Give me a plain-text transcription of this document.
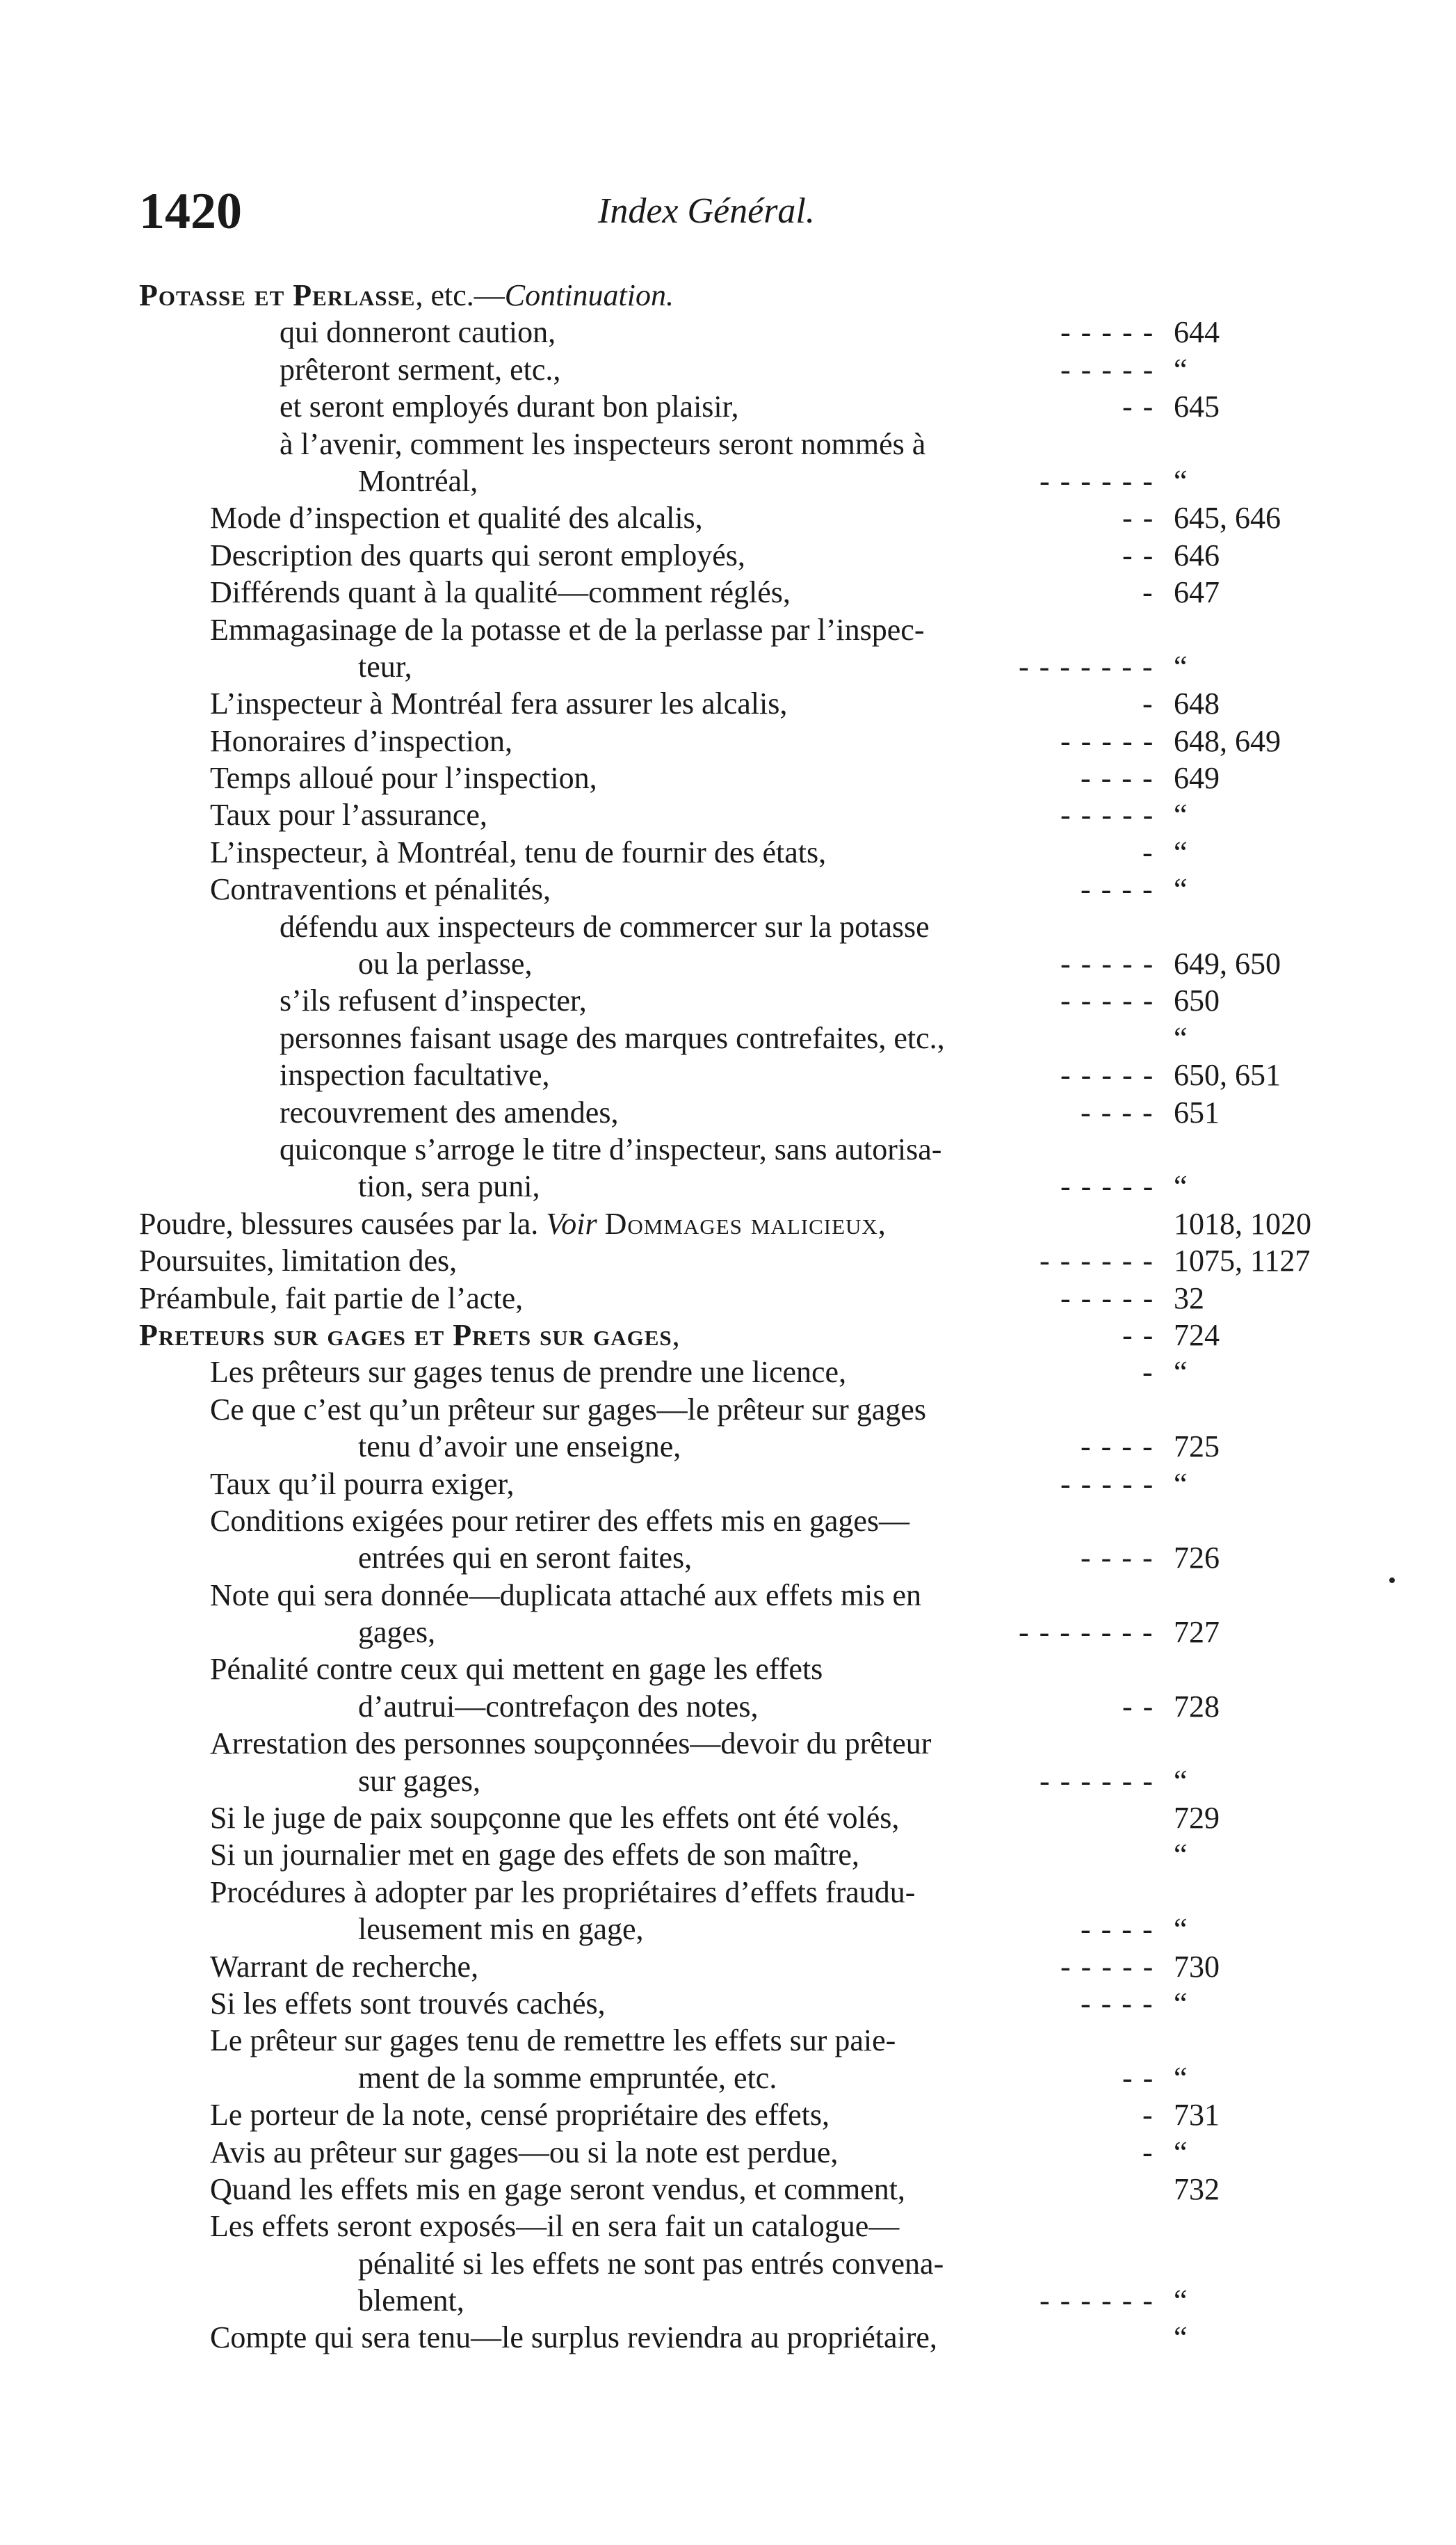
1420	Index Général.
Potasse et Perlasse, etc.—Continuation.
qui donneront caution,	- - - - - 644
prêteront serment, etc.,	- - - - - “
et seront employés durant bon plaisir,	- - 645
à l’avenir, comment les inspecteurs seront nommés à
Montréal,	- - - - - - “
Mode d’inspection et qualité des alcalis,	- - 645, 646
Description des quarts qui seront employés,	- - 646
Différends quant à la qualité—comment réglés,	- 647
Emmagasinage de la potasse et de la perlasse par l’inspec-
teur,	- - - - - - - “
L’inspecteur à Montréal fera assurer les alcalis,	- 648
Honoraires d’inspection,	- - - - - 648, 649
Temps alloué pour l’inspection,	- - - - 649
Taux pour l’assurance,	- - - - - “
L’inspecteur, à Montréal, tenu de fournir des états,	- “
Contraventions et pénalités,	- - - - “
défendu aux inspecteurs de commercer sur la potasse
ou la perlasse,	- - - - - 649, 650
s’ils refusent d’inspecter,	- - - - - 650
personnes faisant usage des marques contrefaites, etc.,	“
inspection facultative,	- - - - - 650, 651
recouvrement des amendes,	- - - - 651
quiconque s’arroge le titre d’inspecteur, sans autorisa-
tion, sera puni,	- - - - - “
Poudre, blessures causées par la. Voir Dommages malicieux,	1018, 1020
Poursuites, limitation des,	- - - - - - 1075, 1127
Préambule, fait partie de l’acte,	- - - - - 32
Preteurs sur gages et Prets sur gages,	- - 724
Les prêteurs sur gages tenus de prendre une licence,	- “
Ce que c’est qu’un prêteur sur gages—le prêteur sur gages
tenu d’avoir une enseigne,	- - - - 725
Taux qu’il pourra exiger,	- - - - - “
Conditions exigées pour retirer des effets mis en gages—
entrées qui en seront faites,	- - - - 726
Note qui sera donnée—duplicata attaché aux effets mis en
gages,	- - - - - - - 727
Pénalité contre ceux qui mettent en gage les effets
d’autrui—contrefaçon des notes,	- - 728
Arrestation des personnes soupçonnées—devoir du prêteur
sur gages,	- - - - - - “
Si le juge de paix soupçonne que les effets ont été volés,	729
Si un journalier met en gage des effets de son maître,	“
Procédures à adopter par les propriétaires d’effets fraudu-
leusement mis en gage,	- - - - “
Warrant de recherche,	- - - - - 730
Si les effets sont trouvés cachés,	- - - - “
Le prêteur sur gages tenu de remettre les effets sur paie-
ment de la somme empruntée, etc.	- - “
Le porteur de la note, censé propriétaire des effets,	- 731
Avis au prêteur sur gages—ou si la note est perdue,	- “
Quand les effets mis en gage seront vendus, et comment,	732
Les effets seront exposés—il en sera fait un catalogue—
pénalité si les effets ne sont pas entrés convena-
blement,	- - - - - - “
Compte qui sera tenu—le surplus reviendra au propriétaire,	“
